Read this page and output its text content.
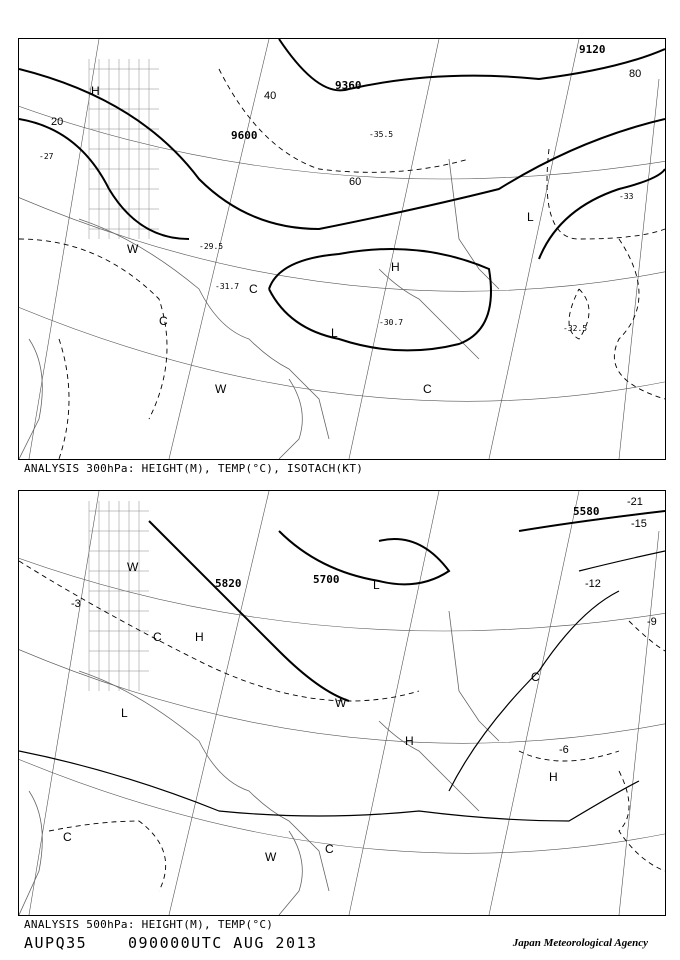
20
40
60
80
9120
9360
9600
-27
-29.5
-31.7
-33
-35.5
-32.5
-30.7
H
L
H
L
C
W
C
W	C
ANALYSIS 300hPa: HEIGHT(M), TEMP(°C), ISOTACH(KT)
5580
5700
5820
-3
-6
-9
-12
-15
-21
L
H
L
H
H
W
C
C
W
C
W
C
ANALYSIS 500hPa: HEIGHT(M), TEMP(°C)
AUPQ35	090000UTC AUG 2013	Japan Meteorological Agency
